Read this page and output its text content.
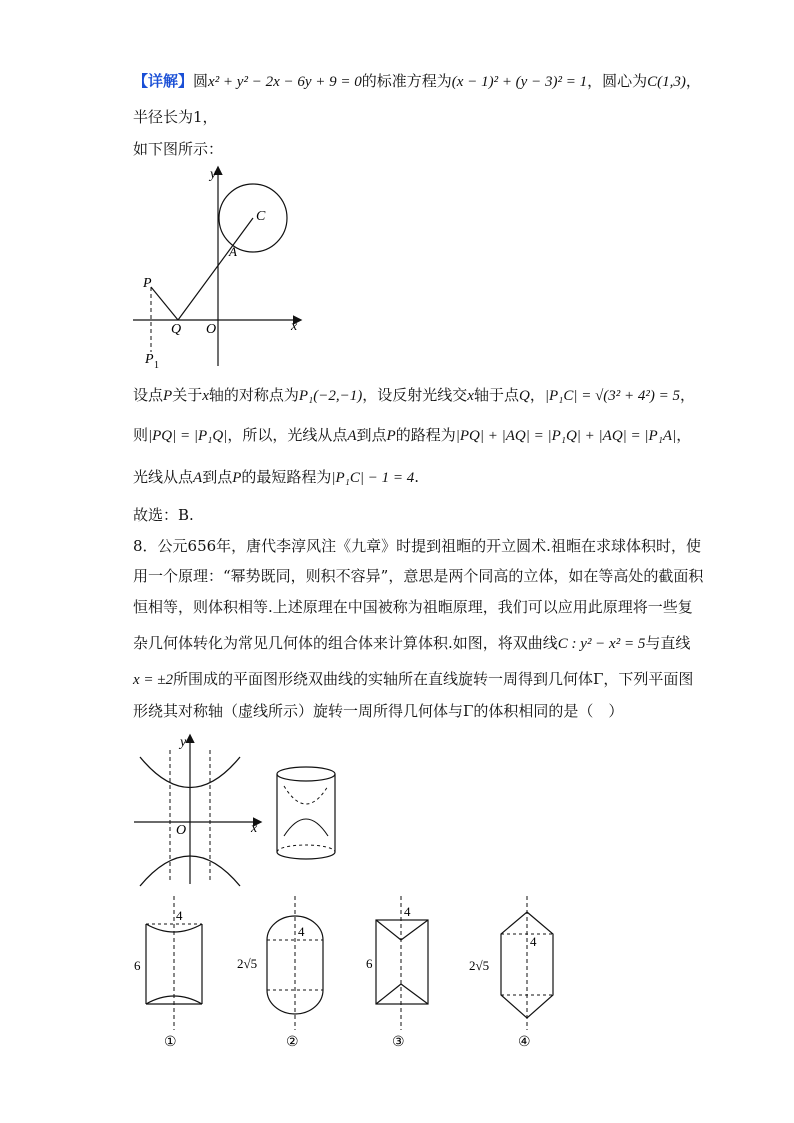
【详解】圆x² + y² − 2x − 6y + 9 = 0的标准方程为(x − 1)² + (y − 3)² = 1，圆心为C(1,3)，
半径长为1，
如下图所示：
y
x
C
A
P
Q O
P 1
设点P关于x轴的对称点为P₁(−2,−1)，设反射光线交x轴于点Q，|P₁C| = √(3² + 4²) = 5，
则|PQ| = |P₁Q|，所以，光线从点A到点P的路程为|PQ| + |AQ| = |P₁Q| + |AQ| = |P₁A|，
光线从点A到点P的最短路程为|P₁C| − 1 = 4.
故选：B.
8．公元656年，唐代李淳风注《九章》时提到祖暅的开立圆术.祖暅在求球体积时，使
用一个原理：“幂势既同，则积不容异”，意思是两个同高的立体，如在等高处的截面积
恒相等，则体积相等.上述原理在中国被称为祖暅原理，我们可以应用此原理将一些复
杂几何体转化为常见几何体的组合体来计算体积.如图，将双曲线C : y² − x² = 5与直线
x = ±2所围成的平面图形绕双曲线的实轴所在直线旋转一周得到几何体Γ，下列平面图
形绕其对称轴（虚线所示）旋转一周所得几何体与Γ的体积相同的是（　）
y
x
O
4
6
①
4
2√5
②
4
6
③
4
2√5
④
